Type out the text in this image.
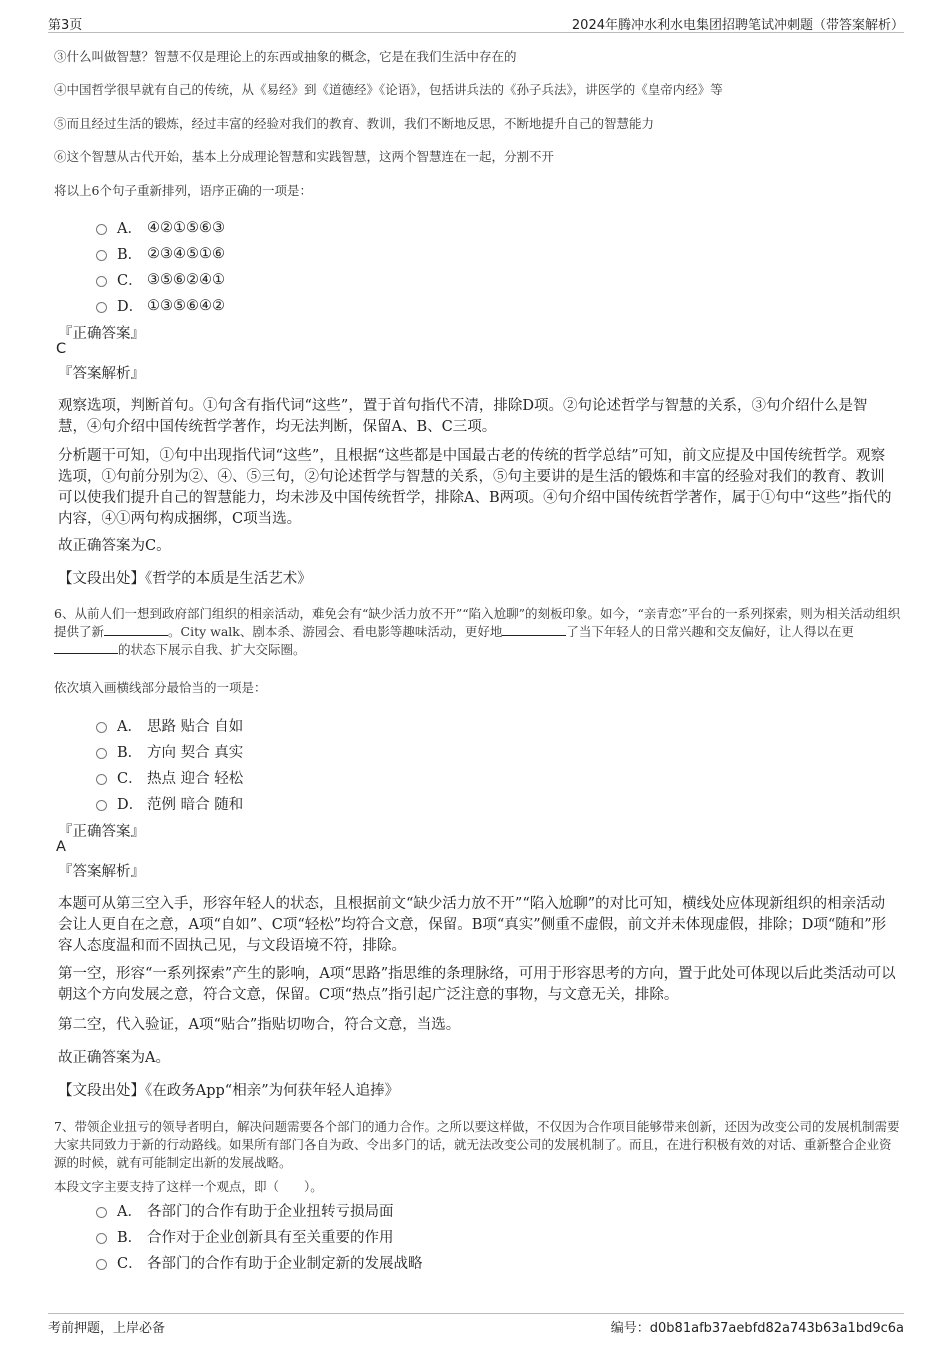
第3页	2024年腾冲水利水电集团招聘笔试冲刺题（带答案解析）
③什么叫做智慧？智慧不仅是理论上的东西或抽象的概念，它是在我们生活中存在的
④中国哲学很早就有自己的传统，从《易经》到《道德经》《论语》，包括讲兵法的《孙子兵法》，讲医学的《皇帝内经》等
⑤而且经过生活的锻炼，经过丰富的经验对我们的教育、教训，我们不断地反思，不断地提升自己的智慧能力
⑥这个智慧从古代开始，基本上分成理论智慧和实践智慧，这两个智慧连在一起，分割不开
将以上6个句子重新排列，语序正确的一项是：
A． ④②①⑤⑥③
B． ②③④⑤①⑥
C． ③⑤⑥②④①
D． ①③⑤⑥④②
『正确答案』
C
『答案解析』
观察选项，判断首句。①句含有指代词“这些”，置于首句指代不清，排除D项。②句论述哲学与智慧的关系，③句介绍什么是智慧，④句介绍中国传统哲学著作，均无法判断，保留A、B、C三项。
分析题干可知，①句中出现指代词“这些”，且根据“这些都是中国最古老的传统的哲学总结”可知，前文应提及中国传统哲学。观察选项，①句前分别为②、④、⑤三句，②句论述哲学与智慧的关系，⑤句主要讲的是生活的锻炼和丰富的经验对我们的教育、教训可以使我们提升自己的智慧能力，均未涉及中国传统哲学，排除A、B两项。④句介绍中国传统哲学著作，属于①句中“这些”指代的内容，④①两句构成捆绑，C项当选。
故正确答案为C。
【文段出处】《哲学的本质是生活艺术》
6、从前人们一想到政府部门组织的相亲活动，难免会有“缺少活力放不开”“陷入尬聊”的刻板印象。如今，“亲青恋”平台的一系列探索，则为相关活动组织提供了新	。City walk、剧本杀、游园会、看电影等趣味活动，更好地	了当下年轻人的日常兴趣和交友偏好，让人得以在更的状态下展示自我、扩大交际圈。
依次填入画横线部分最恰当的一项是：
A． 思路 贴合 自如
B． 方向 契合 真实
C． 热点 迎合 轻松
D． 范例 暗合 随和
『正确答案』
A
『答案解析』
本题可从第三空入手，形容年轻人的状态，且根据前文“缺少活力放不开”“陷入尬聊”的对比可知，横线处应体现新组织的相亲活动会让人更自在之意，A项“自如”、C项“轻松”均符合文意，保留。B项“真实”侧重不虚假，前文并未体现虚假，排除；D项“随和”形容人态度温和而不固执己见，与文段语境不符，排除。
第一空，形容“一系列探索”产生的影响，A项“思路”指思维的条理脉络，可用于形容思考的方向，置于此处可体现以后此类活动可以朝这个方向发展之意，符合文意，保留。C项“热点”指引起广泛注意的事物，与文意无关，排除。
第二空，代入验证，A项“贴合”指贴切吻合，符合文意，当选。
故正确答案为A。
【文段出处】《在政务App“相亲”为何获年轻人追捧》
7、带领企业扭亏的领导者明白，解决问题需要各个部门的通力合作。之所以要这样做，不仅因为合作项目能够带来创新，还因为改变公司的发展机制需要大家共同致力于新的行动路线。如果所有部门各自为政、令出多门的话，就无法改变公司的发展机制了。而且，在进行积极有效的对话、重新整合企业资源的时候，就有可能制定出新的发展战略。
本段文字主要支持了这样一个观点，即（　　）。
A． 各部门的合作有助于企业扭转亏损局面
B． 合作对于企业创新具有至关重要的作用
C． 各部门的合作有助于企业制定新的发展战略
考前押题，上岸必备	编号：d0b81afb37aebfd82a743b63a1bd9c6a
